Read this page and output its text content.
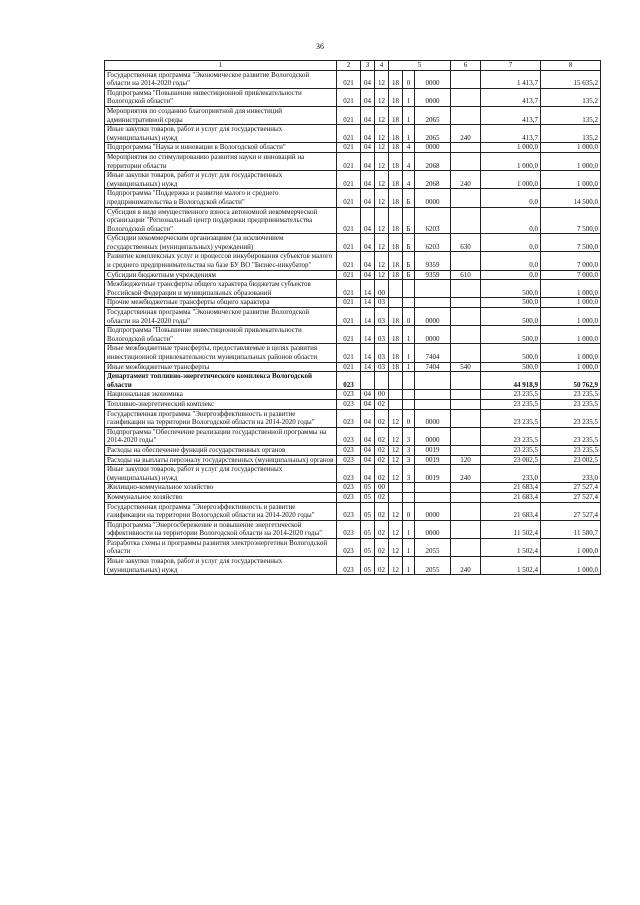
36
1	2	3	4	5			6	7	8
Государственная программа "Экономическое развитие Вологодской области на 2014-2020 годы"	021	04	12	18	0	0000		1 413,7	15 635,2
Подпрограмма "Повышение инвестиционной привлекательности Вологодской области"	021	04	12	18	1	0000		413,7	135,2
Мероприятия по созданию благоприятной для инвестиций административной среды	021	04	12	18	1	2065		413,7	135,2
Иные закупки товаров, работ и услуг для государственных (муниципальных) нужд	021	04	12	18	1	2065	240	413,7	135,2
Подпрограмма "Наука и инновации в Вологодской области"	021	04	12	18	4	0000		1 000,0	1 000,0
Мероприятия по стимулированию развития науки и инноваций на территории области	021	04	12	18	4	2068		1 000,0	1 000,0
Иные закупки товаров, работ и услуг для государственных (муниципальных) нужд	021	04	12	18	4	2068	240	1 000,0	1 000,0
Подпрограмма "Поддержка и развитие малого и среднего предпринимательства в Вологодской области"	021	04	12	18	Б	0000		0,0	14 500,0
Субсидия в виде имущественного взноса автономной некоммерческой организации "Региональный центр поддержки предпринимательства Вологодской области"	021	04	12	18	Б	6203		0,0	7 500,0
Субсидии некоммерческим организациям (за исключением государственных (муниципальных) учреждений)	021	04	12	18	Б	6203	630	0,0	7 500,0
Развитие комплексных услуг и процессов инкубирования субъектов малого и среднего предпринимательства на базе БУ ВО "Бизнес-инкубатор"	021	04	12	18	Б	9359		0,0	7 000,0
Субсидии бюджетным учреждениям	021	04	12	18	Б	9359	610	0,0	7 000,0
Межбюджетные трансферты общего характера бюджетам субъектов Российской Федерации и муниципальных образований	021	14	00					500,0	1 000,0
Прочие межбюджетные трансферты общего характера	021	14	03					500,0	1 000,0
Государственная программа "Экономическое развитие Вологодской области на 2014-2020 годы"	021	14	03	18	0	0000		500,0	1 000,0
Подпрограмма "Повышение инвестиционной привлекательности Вологодской области"	021	14	03	18	1	0000		500,0	1 000,0
Иные межбюджетные трансферты, предоставляемые в целях развития инвестиционной привлекательности муниципальных районов области	021	14	03	18	1	7404		500,0	1 000,0
Иные межбюджетные трансферты	021	14	03	18	1	7404	540	500,0	1 000,0
Департамент топливно-энергетического комплекса Вологодской области	023							44 918,9	50 762,9
Национальная экономика	023	04	00					23 235,5	23 235,5
Топливно-энергетический комплекс	023	04	02					23 235,5	23 235,5
Государственная программа "Энергоэффективность и развитие газификации на территории Вологодской области на 2014-2020 годы"	023	04	02	12	0	0000		23 235,5	23 235,5
Подпрограмма "Обеспечение реализации государственной программы на 2014-2020 годы"	023	04	02	12	3	0000		23 235,5	23 235,5
Расходы на обеспечение функций государственных органов	023	04	02	12	3	0019		23 235,5	23 235,5
Расходы на выплаты персоналу государственных (муниципальных) органов	023	04	02	12	3	0019	120	23 002,5	23 002,5
Иные закупки товаров, работ и услуг для государственных (муниципальных) нужд	023	04	02	12	3	0019	240	233,0	233,0
Жилищно-коммунальное хозяйство	023	05	00					21 683,4	27 527,4
Коммунальное хозяйство	023	05	02					21 683,4	27 527,4
Государственная программа "Энергоэффективность и развитие газификации на территории Вологодской области на 2014-2020 годы"	023	05	02	12	0	0000		21 683,4	27 527,4
Подпрограмма "Энергосбережение и повышение энергетической эффективности на территории Вологодской области на 2014-2020 годы"	023	05	02	12	1	0000		11 502,4	11 580,7
Разработка схемы и программы развития электроэнергетики Вологодской области	023	05	02	12	1	2055		1 502,4	1 000,0
Иные закупки товаров, работ и услуг для государственных (муниципальных) нужд	023	05	02	12	1	2055	240	1 502,4	1 000,0
